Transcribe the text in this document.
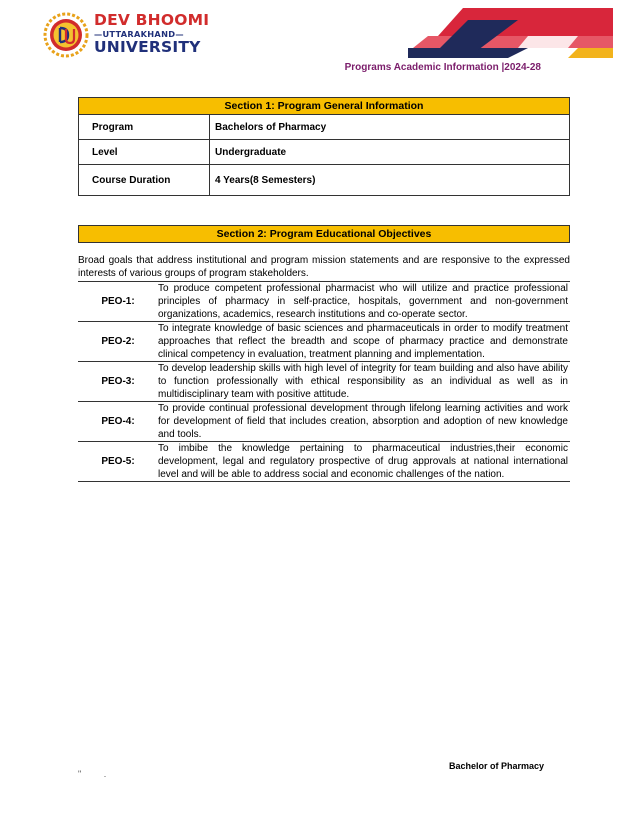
DEV BHOOMI
—UTTARAKHAND—
UNIVERSITY
Programs Academic Information |2024-28
Section 1: Program General Information	
Program	Bachelors of Pharmacy
Level	Undergraduate
Course Duration	4 Years(8 Semesters)
Section 2: Program Educational Objectives

Broad goals that address institutional and program mission statements and are responsive to the expressed interests of various groups of program stakeholders.

PEO-1:
To produce competent professional pharmacist who will utilize and practice professional principles of pharmacy in self-practice, hospitals, government and non-government organizations, academics, research institutions and co-operate sector.
PEO-2:
To integrate knowledge of basic sciences and pharmaceuticals in order to modify treatment approaches that reflect the breadth and scope of pharmacy practice and demonstrate clinical competency in evaluation, treatment planning and implementation.
PEO-3:
To develop leadership skills with high level of integrity for team building and also have ability to function professionally with ethical responsibility as an individual as well as in multidisciplinary team with positive attitude.
PEO-4:
To provide continual professional development through lifelong learning activities and work for development of field that includes creation, absorption and adoption of new knowledge and tools.
PEO-5:
To imbibe the knowledge pertaining to pharmaceutical industries,their economic development, legal and regulatory prospective of drug approvals at national international level and will be able to address social and economic challenges of the nation.
Bachelor of Pharmacy
" .
